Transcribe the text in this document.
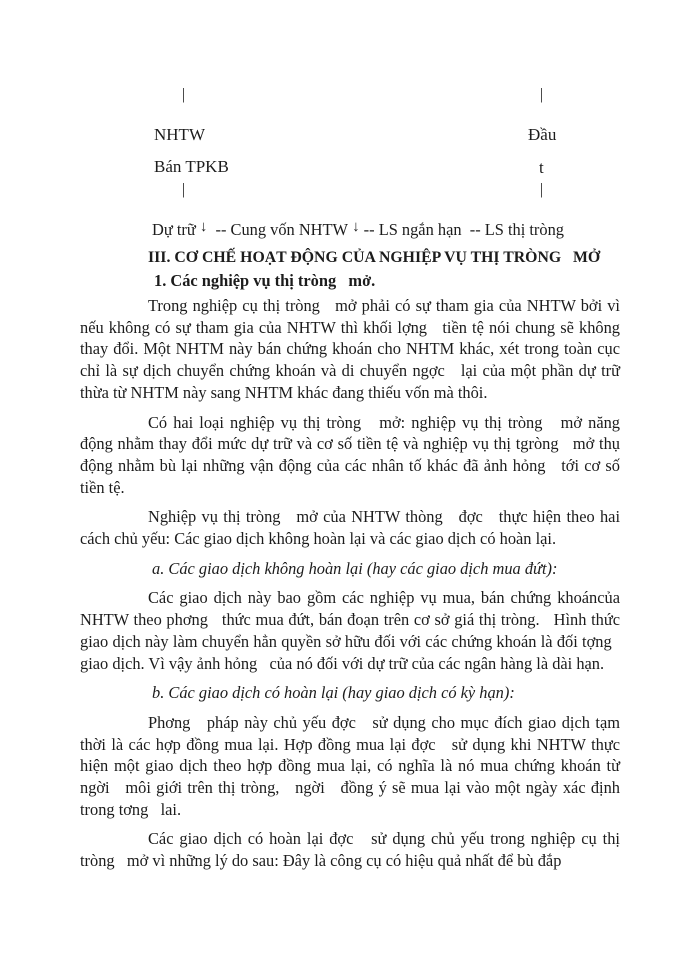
|	|
NHTW	Đầu
Bán TPKB	t
|	|
Dự trữ ↓  -- Cung vốn NHTW ↓ -- LS ngắn hạn  -- LS thị tròng
III. CƠ CHẾ HOẠT ĐỘNG CỦA NGHIỆP VỤ THỊ TRÒNG   MỞ
1. Các nghiệp vụ thị tròng   mở.

Trong nghiệp cụ thị tròng   mở phải có sự tham gia của NHTW bởi vì nếu không có sự tham gia của NHTW thì khối lợng   tiền tệ nói chung sẽ không thay đổi. Một NHTM này bán chứng khoán cho NHTM khác, xét trong toàn cục chỉ là sự dịch chuyển chứng khoán và di chuyển ngợc   lại của một phần dự trữ thừa từ NHTM này sang NHTM khác đang thiếu vốn mà thôi.

Có hai loại nghiệp vụ thị tròng   mở: nghiệp vụ thị tròng   mở năng động nhằm thay đổi mức dự trữ và cơ số tiền tệ và nghiệp vụ thị tgròng   mở thụ động nhằm bù lại những vận động của các nhân tố khác đã ảnh hỏng   tới cơ số tiền tệ.

Nghiệp vụ thị tròng   mở của NHTW thòng   đợc   thực hiện theo hai cách chủ yếu: Các giao dịch không hoàn lại và các giao dịch có hoàn lại.

a. Các giao dịch không hoàn lại (hay các giao dịch mua đứt):

Các giao dịch này bao gồm các nghiệp vụ mua, bán chứng khoáncủa NHTW theo phơng   thức mua đứt, bán đoạn trên cơ sở giá thị tròng.   Hình thức giao dịch này làm chuyển hẳn quyền sở hữu đối với các chứng khoán là đối tợng   giao dịch. Vì vậy ảnh hỏng   của nó đối với dự trữ của các ngân hàng là dài hạn.

b. Các giao dịch có hoàn lại (hay giao dịch có kỳ hạn):

Phơng   pháp này chủ yếu đợc   sử dụng cho mục đích giao dịch tạm thời là các hợp đồng mua lại. Hợp đồng mua lại đợc   sử dụng khi NHTW thực hiện một giao dịch theo hợp đồng mua lại, có nghĩa là nó mua chứng khoán từ ngời   môi giới trên thị tròng,   ngời   đồng ý sẽ mua lại vào một ngày xác định trong tơng   lai.

Các giao dịch có hoàn lại đợc   sử dụng chủ yếu trong nghiệp cụ thị tròng   mở vì những lý do sau: Đây là công cụ có hiệu quả nhất để bù đắp
